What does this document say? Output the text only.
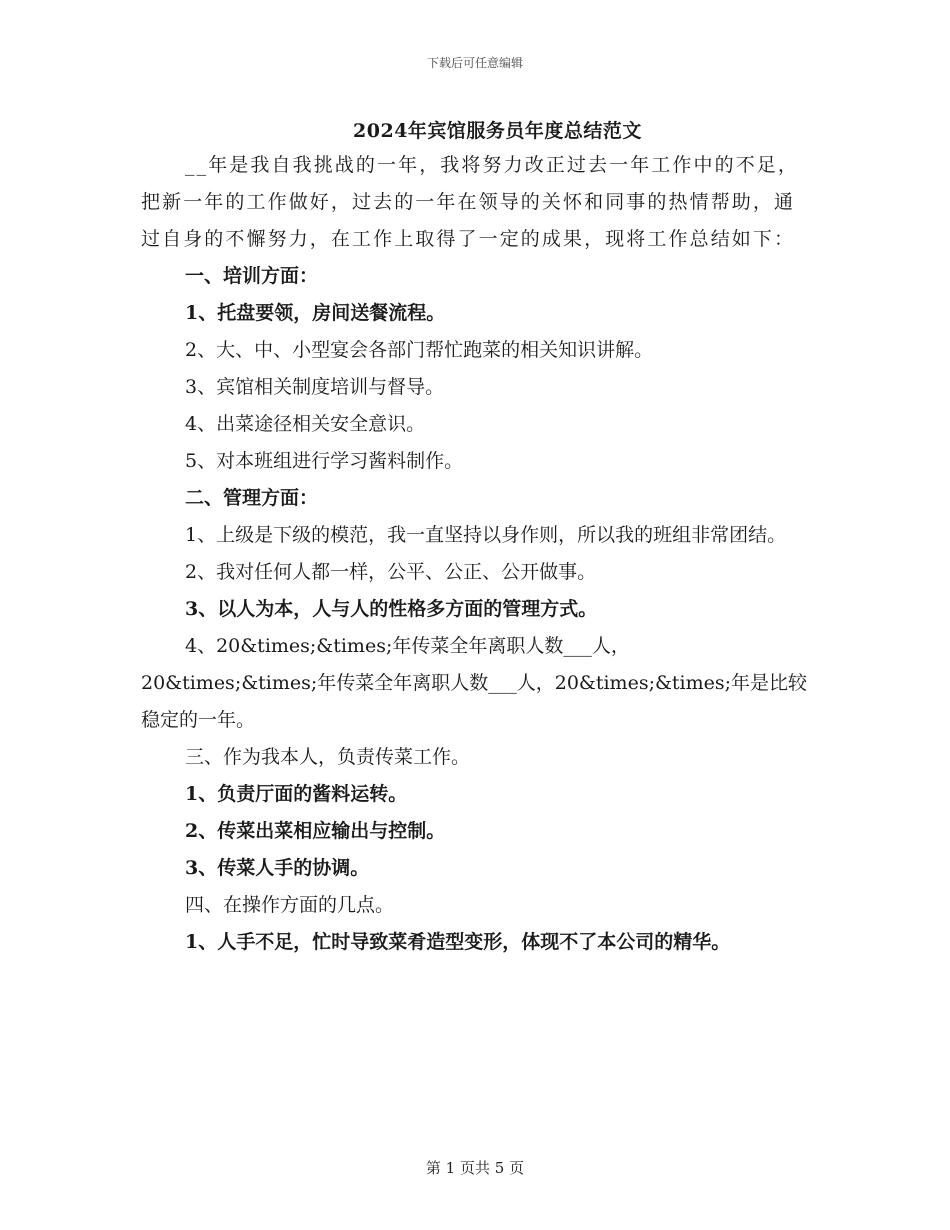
下载后可任意编辑
2024年宾馆服务员年度总结范文

__年是我自我挑战的一年，我将努力改正过去一年工作中的不足，把新一年的工作做好，过去的一年在领导的关怀和同事的热情帮助，通过自身的不懈努力，在工作上取得了一定的成果，现将工作总结如下：

一、培训方面：

1、托盘要领，房间送餐流程。

2、大、中、小型宴会各部门帮忙跑菜的相关知识讲解。

3、宾馆相关制度培训与督导。

4、出菜途径相关安全意识。

5、对本班组进行学习酱料制作。

二、管理方面：

1、上级是下级的模范，我一直坚持以身作则，所以我的班组非常团结。

2、我对任何人都一样，公平、公正、公开做事。

3、以人为本，人与人的性格多方面的管理方式。

4、20&times;&times;年传菜全年离职人数___人，

20&times;&times;年传菜全年离职人数___人，20&times;&times;年是比较稳定的一年。

三、作为我本人，负责传菜工作。

1、负责厅面的酱料运转。

2、传菜出菜相应输出与控制。

3、传菜人手的协调。

四、在操作方面的几点。

1、人手不足，忙时导致菜肴造型变形，体现不了本公司的精华。

第 1 页共 5 页
